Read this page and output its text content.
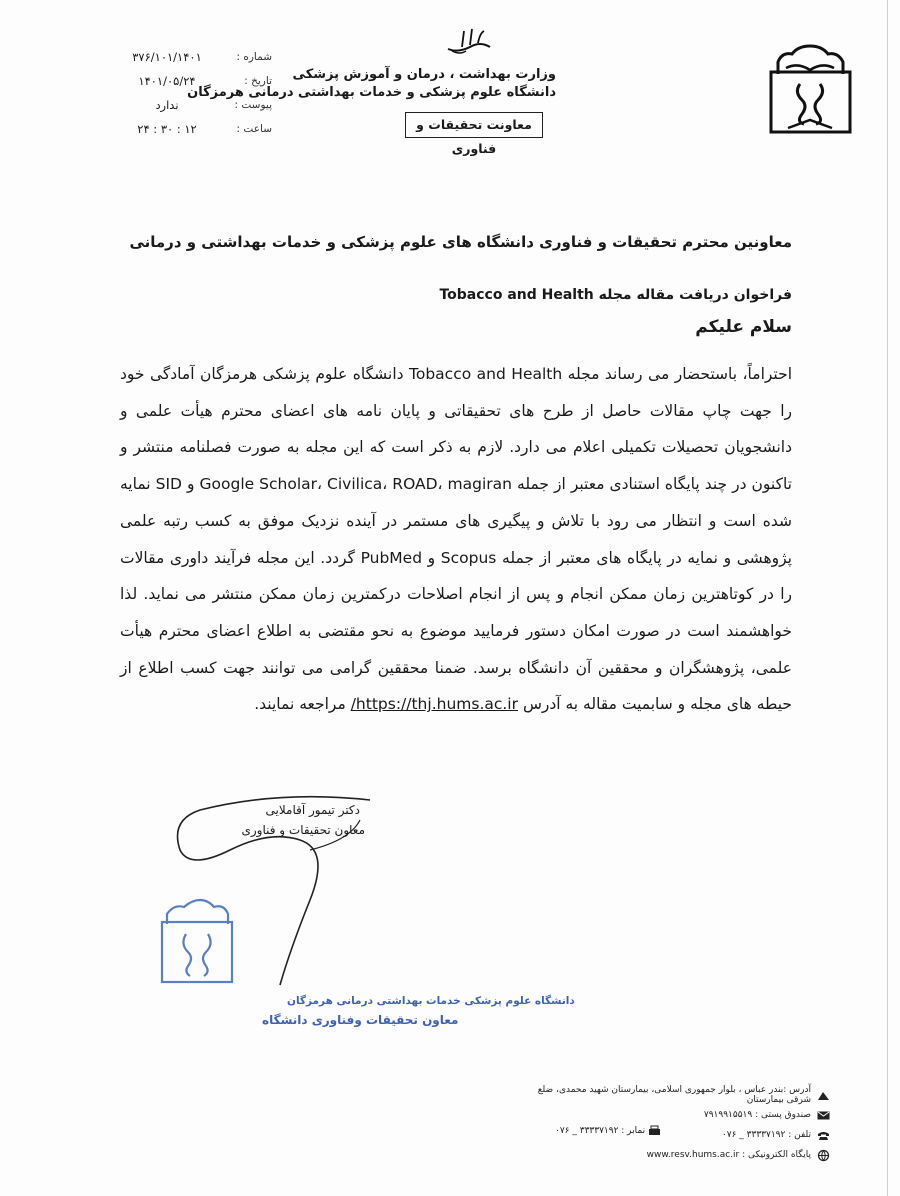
وزارت بهداشت ، درمان و آموزش پزشکی
دانشگاه علوم پزشکی و خدمات بهداشتی درمانی هرمزگان
معاونت تحقیقات و فناوری
شماره :
۳۷۶/۱۰۱/۱۴۰۱
تاریخ :
۱۴۰۱/۰۵/۲۴
پیوست :
ندارد
ساعت :
۱۲ : ۳۰ : ۲۴
معاونین محترم تحقیقات و فناوری دانشگاه های علوم پزشکی و خدمات بهداشتی و درمانی
فراخوان دریافت مقاله مجله Tobacco and Health
سلام علیکم
احتراماً، باستحضار می رساند مجله Tobacco and Health دانشگاه علوم پزشکی هرمزگان آمادگی خود را جهت چاپ مقالات حاصل از طرح های تحقیقاتی و پایان نامه های اعضای محترم هیأت علمی و دانشجویان تحصیلات تکمیلی اعلام می دارد. لازم به ذکر است که این مجله به صورت فصلنامه منتشر و تاکنون در چند پایگاه استنادی معتبر از جمله Google Scholar، Civilica، ROAD، magiran و SID نمایه شده است و انتظار می رود با تلاش و پیگیری های مستمر در آینده نزدیک موفق به کسب رتبه علمی پژوهشی و نمایه در پایگاه های معتبر از جمله Scopus و PubMed گردد. این مجله فرآیند داوری مقالات را در کوتاهترین زمان ممکن انجام و پس از انجام اصلاحات درکمترین زمان ممکن منتشر می نماید. لذا خواهشمند است در صورت امکان دستور فرمایید موضوع به نحو مقتضی به اطلاع اعضای محترم هیأت علمی، پژوهشگران و محققین آن دانشگاه برسد. ضمنا محققین گرامی می توانند جهت کسب اطلاع از حیطه های مجله و سابمیت مقاله به آدرس https://thj.hums.ac.ir/ مراجعه نمایند.
دکتر تیمور آقاملایی
معاون تحقیقات و فناوری
دانشگاه علوم پزشکی خدمات بهداشتی درمانی هرمزگان
معاون تحقیقات وفناوری دانشگاه
آدرس :بندر عباس ، بلوار جمهوری اسلامی، بیمارستان شهید محمدی، ضلع شرقی بیمارستان
صندوق پستی : ۷۹۱۹۹۱۵۵۱۹
تلفن : ۳۳۳۳۷۱۹۲ _ ۰۷۶
پایگاه الکترونیکی : www.resv.hums.ac.ir
نمابر : ۳۳۳۳۷۱۹۲ _ ۰۷۶
